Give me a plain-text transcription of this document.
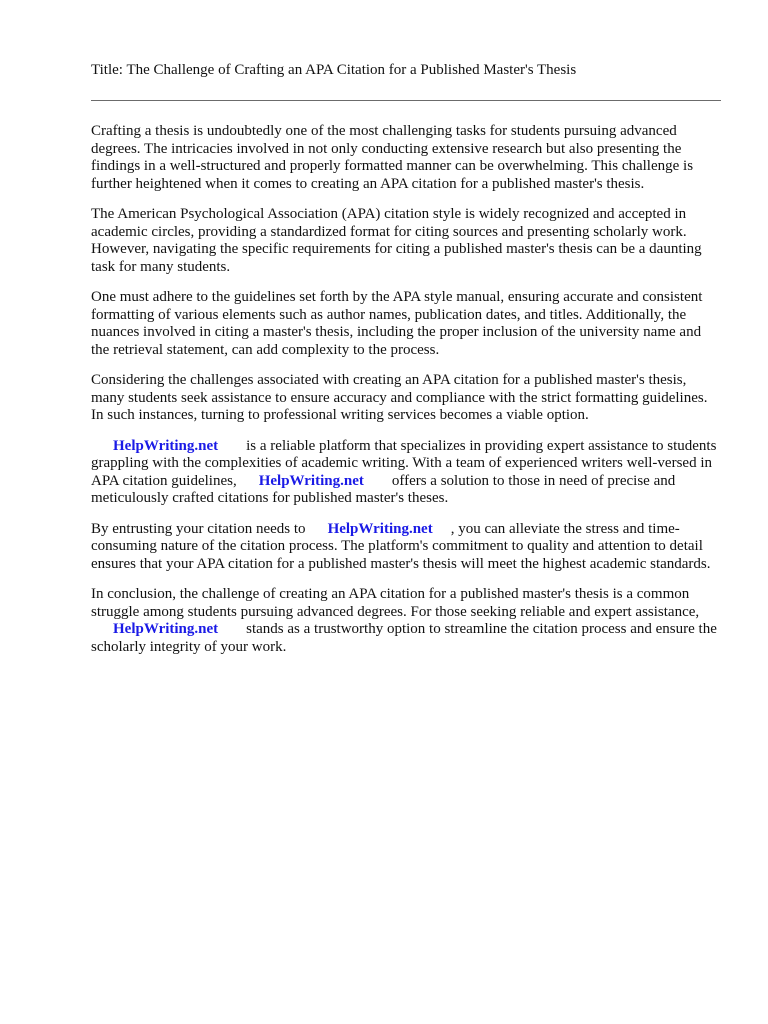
Title: The Challenge of Crafting an APA Citation for a Published Master's Thesis

Crafting a thesis is undoubtedly one of the most challenging tasks for students pursuing advanced degrees. The intricacies involved in not only conducting extensive research but also presenting the findings in a well-structured and properly formatted manner can be overwhelming. This challenge is further heightened when it comes to creating an APA citation for a published master's thesis.

The American Psychological Association (APA) citation style is widely recognized and accepted in academic circles, providing a standardized format for citing sources and presenting scholarly work. However, navigating the specific requirements for citing a published master's thesis can be a daunting task for many students.

One must adhere to the guidelines set forth by the APA style manual, ensuring accurate and consistent formatting of various elements such as author names, publication dates, and titles. Additionally, the nuances involved in citing a master's thesis, including the proper inclusion of the university name and the retrieval statement, can add complexity to the process.

Considering the challenges associated with creating an APA citation for a published master's thesis, many students seek assistance to ensure accuracy and compliance with the strict formatting guidelines. In such instances, turning to professional writing services becomes a viable option.

HelpWriting.net is a reliable platform that specializes in providing expert assistance to students grappling with the complexities of academic writing. With a team of experienced writers well-versed in APA citation guidelines, HelpWriting.net offers a solution to those in need of precise and meticulously crafted citations for published master's theses.

By entrusting your citation needs to HelpWriting.net , you can alleviate the stress and time-consuming nature of the citation process. The platform's commitment to quality and attention to detail ensures that your APA citation for a published master's thesis will meet the highest academic standards.

In conclusion, the challenge of creating an APA citation for a published master's thesis is a common struggle among students pursuing advanced degrees. For those seeking reliable and expert assistance, HelpWriting.net stands as a trustworthy option to streamline the citation process and ensure the scholarly integrity of your work.
